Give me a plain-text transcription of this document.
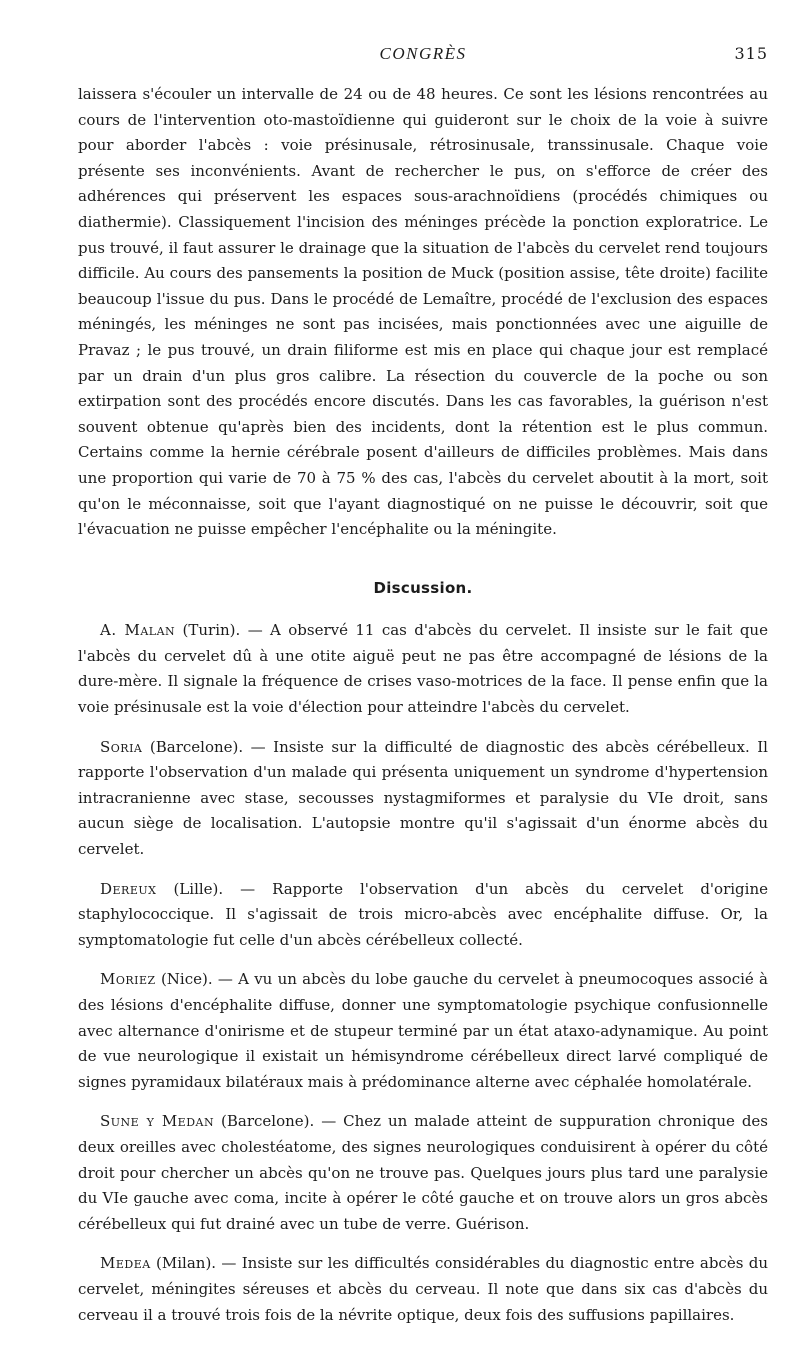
CONGRÈS	315

laissera s'écouler un intervalle de 24 ou de 48 heures. Ce sont les lésions rencontrées au cours de l'intervention oto-mastoïdienne qui guideront sur le choix de la voie à suivre pour aborder l'abcès : voie présinusale, rétrosinusale, transsinusale. Chaque voie présente ses inconvénients. Avant de rechercher le pus, on s'efforce de créer des adhérences qui préservent les espaces sous-arachnoïdiens (procédés chimiques ou diathermie). Classiquement l'incision des méninges précède la ponction exploratrice. Le pus trouvé, il faut assurer le drainage que la situation de l'abcès du cervelet rend toujours difficile. Au cours des pansements la position de Muck (position assise, tête droite) facilite beaucoup l'issue du pus. Dans le procédé de Lemaître, procédé de l'exclusion des espaces méningés, les méninges ne sont pas incisées, mais ponctionnées avec une aiguille de Pravaz ; le pus trouvé, un drain filiforme est mis en place qui chaque jour est remplacé par un drain d'un plus gros calibre. La résection du couvercle de la poche ou son extirpation sont des procédés encore discutés. Dans les cas favorables, la guérison n'est souvent obtenue qu'après bien des incidents, dont la rétention est le plus commun. Certains comme la hernie cérébrale posent d'ailleurs de difficiles problèmes. Mais dans une proportion qui varie de 70 à 75 % des cas, l'abcès du cervelet aboutit à la mort, soit qu'on le méconnaisse, soit que l'ayant diagnostiqué on ne puisse le découvrir, soit que l'évacuation ne puisse empêcher l'encéphalite ou la méningite.

Discussion.

A. Malan (Turin). — A observé 11 cas d'abcès du cervelet. Il insiste sur le fait que l'abcès du cervelet dû à une otite aiguë peut ne pas être accompagné de lésions de la dure-mère. Il signale la fréquence de crises vaso-motrices de la face. Il pense enfin que la voie présinusale est la voie d'élection pour atteindre l'abcès du cervelet.

Soria (Barcelone). — Insiste sur la difficulté de diagnostic des abcès cérébelleux. Il rapporte l'observation d'un malade qui présenta uniquement un syndrome d'hypertension intracranienne avec stase, secousses nystagmiformes et paralysie du VIe droit, sans aucun siège de localisation. L'autopsie montre qu'il s'agissait d'un énorme abcès du cervelet.

Dereux (Lille). — Rapporte l'observation d'un abcès du cervelet d'origine staphylococcique. Il s'agissait de trois micro-abcès avec encéphalite diffuse. Or, la symptomatologie fut celle d'un abcès cérébelleux collecté.

Moriez (Nice). — A vu un abcès du lobe gauche du cervelet à pneumocoques associé à des lésions d'encéphalite diffuse, donner une symptomatologie psychique confusionnelle avec alternance d'onirisme et de stupeur terminé par un état ataxo-adynamique. Au point de vue neurologique il existait un hémisyndrome cérébelleux direct larvé compliqué de signes pyramidaux bilatéraux mais à prédominance alterne avec céphalée homolatérale.

Sune y Medan (Barcelone). — Chez un malade atteint de suppuration chronique des deux oreilles avec cholestéatome, des signes neurologiques conduisirent à opérer du côté droit pour chercher un abcès qu'on ne trouve pas. Quelques jours plus tard une paralysie du VIe gauche avec coma, incite à opérer le côté gauche et on trouve alors un gros abcès cérébelleux qui fut drainé avec un tube de verre. Guérison.

Medea (Milan). — Insiste sur les difficultés considérables du diagnostic entre abcès du cervelet, méningites séreuses et abcès du cerveau. Il note que dans six cas d'abcès du cerveau il a trouvé trois fois de la névrite optique, deux fois des suffusions papillaires.
